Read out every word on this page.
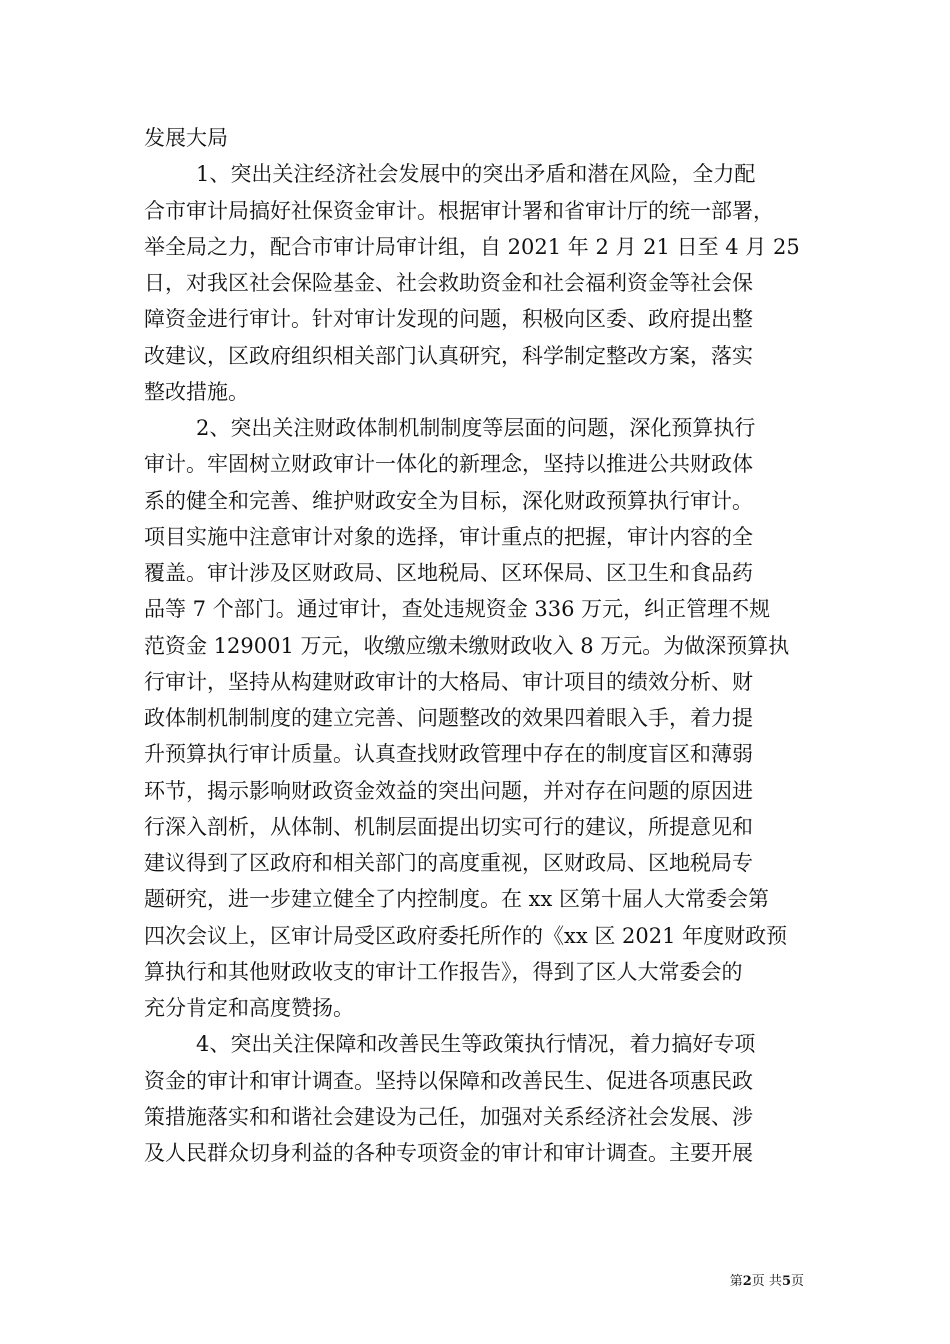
发展大局
1、突出关注经济社会发展中的突出矛盾和潜在风险，全力配
合市审计局搞好社保资金审计。根据审计署和省审计厅的统一部署，
举全局之力，配合市审计局审计组，自 2021 年 2 月 21 日至 4 月 25
日，对我区社会保险基金、社会救助资金和社会福利资金等社会保
障资金进行审计。针对审计发现的问题，积极向区委、政府提出整
改建议，区政府组织相关部门认真研究，科学制定整改方案，落实
整改措施。
2、突出关注财政体制机制制度等层面的问题，深化预算执行
审计。牢固树立财政审计一体化的新理念，坚持以推进公共财政体
系的健全和完善、维护财政安全为目标，深化财政预算执行审计。
项目实施中注意审计对象的选择，审计重点的把握，审计内容的全
覆盖。审计涉及区财政局、区地税局、区环保局、区卫生和食品药
品等 7 个部门。通过审计，查处违规资金 336 万元，纠正管理不规
范资金 129001 万元，收缴应缴未缴财政收入 8 万元。为做深预算执
行审计，坚持从构建财政审计的大格局、审计项目的绩效分析、财
政体制机制制度的建立完善、问题整改的效果四着眼入手，着力提
升预算执行审计质量。认真查找财政管理中存在的制度盲区和薄弱
环节，揭示影响财政资金效益的突出问题，并对存在问题的原因进
行深入剖析，从体制、机制层面提出切实可行的建议，所提意见和
建议得到了区政府和相关部门的高度重视，区财政局、区地税局专
题研究，进一步建立健全了内控制度。在 xx 区第十届人大常委会第
四次会议上，区审计局受区政府委托所作的《xx 区 2021 年度财政预
算执行和其他财政收支的审计工作报告》，得到了区人大常委会的
充分肯定和高度赞扬。
4、突出关注保障和改善民生等政策执行情况，着力搞好专项
资金的审计和审计调查。坚持以保障和改善民生、促进各项惠民政
策措施落实和和谐社会建设为己任，加强对关系经济社会发展、涉
及人民群众切身利益的各种专项资金的审计和审计调查。主要开展
第2页 共5页
